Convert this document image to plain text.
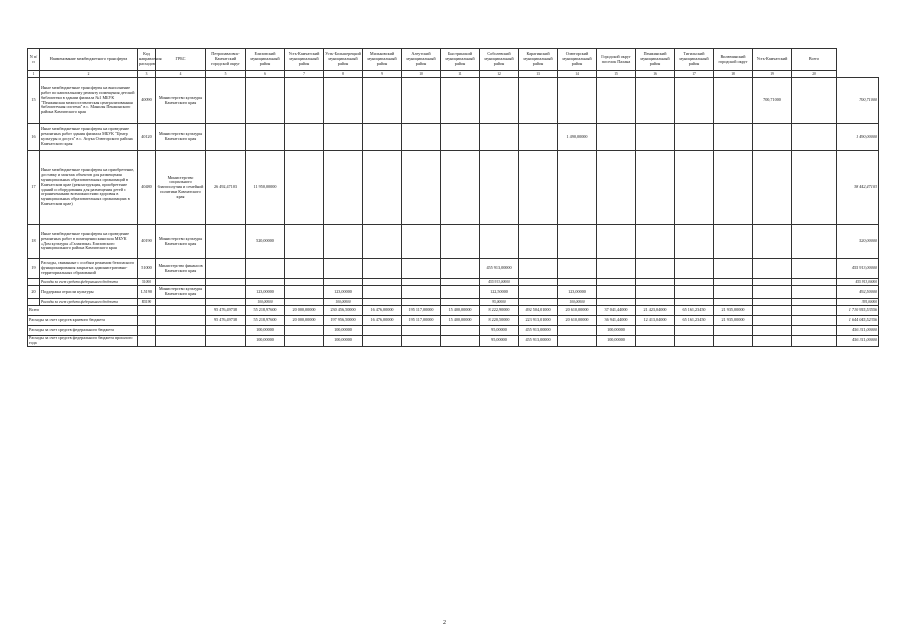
N п/п	Наименование межбюджетного трансферта	Код направления расходов	ГРБС	Петропавловск-Камчатский городской округ	Елизовский муниципальный район	Усть-Камчатский муниципальный район	Усть-Большерецкий муниципальный район	Мильковский муниципальный район	Алеутский муниципальный район	Быстринский муниципальный район	Соболевский муниципальный район	Карагинский муниципальный район	Олюторский муниципальный район	Городской округ поселок Палана	Пенжинский муниципальный район	Тигильский муниципальный район	Вилючинский городской округ	Усть-Камчатский	Всего	
1	2	3	4	5	6	7	8	9	10	11	12	13	14	15	16	17	18	19	20	
15	Иные межбюджетные трансферты на выполнение работ по капитальному ремонту помещения детской библиотеки в здании филиала №1 МБУК "Пенжинская межпоселенческая централизованная библиотечная система" в с. Манилы Пенжинского района Камчатского края	40090	Министерство культуры Камчатского края															700,71000		700,71000
16	Иные межбюджетные трансферты на проведение ремонтных работ здания филиала МБУК "Центр культуры и досуга" в с. Апука Олюторского района Камчатского края	40120	Министерство культуры Камчатского края										1 490,00000							1 490,00000
17	Иные межбюджетные трансферты на приобретение, доставку и монтаж объектов для размещения муниципальных образовательных организаций в Камчатском крае (реконструкция, приобретение зданий и оборудования для размещения детей с ограниченными возможностями здоровья в муниципальных образовательных организациях в Камчатском крае)	40480	Министерство социального благополучия и семейной политики Камчатского края	26 492,47103	11 950,00000															38 442,47103
18	Иные межбюджетные трансферты на проведение ремонтных работ в помещении кинозала МБУК «Дом культуры «Галактика» Елизовского муниципального района Камчатского края	40190	Министерство культуры Камчатского края		520,00000															520,00000
19	Расходы, связанные с особым режимом безопасного функционирования закрытых административно-территориальных образований	51000	Министерство финансов Камчатского края								455 913,00000									455 913,00000
	Расходы за счет средств федерального бюджета	51000									455 913,00000									455 913,00000
20	Поддержка отрасли культуры	L5190	Министерство культуры Камчатского края		123,00000		123,00000				122,50000		123,00000							492,50000
	Расходы за счет средств федерального бюджета	R5190			100,00000		100,00000				95,00000		100,00000							395,00000
Всего				95 476,49738	55 218,97600	20 000,00000	230 456,50000	16 476,00000	195 117,00000	15 400,00000	8 222,90000	492 504,01000	20 610,00000	37 041,44000	21 423,04000	65 161,23450	21 935,00000			1 710 955,53556
Расходы за счет средств краевого бюджета				95 476,49738	55 218,97600	20 000,00000	197 956,50000	16 476,00000	195 117,00000	15 400,00000	8 220,50000	223 913,01000	20 610,00000	36 941,44000	12 413,04000	65 161,23450	21 935,00000			1 644 045,52356
Расходы за счет средств федерального бюджета					100,00000		100,00000				95,00000	455 913,00000		100,00000						456 311,00000
Расходы за счет средств федерального бюджета прошлого года					100,00000		100,00000				95,00000	455 913,00000		100,00000						456 311,00000
2
